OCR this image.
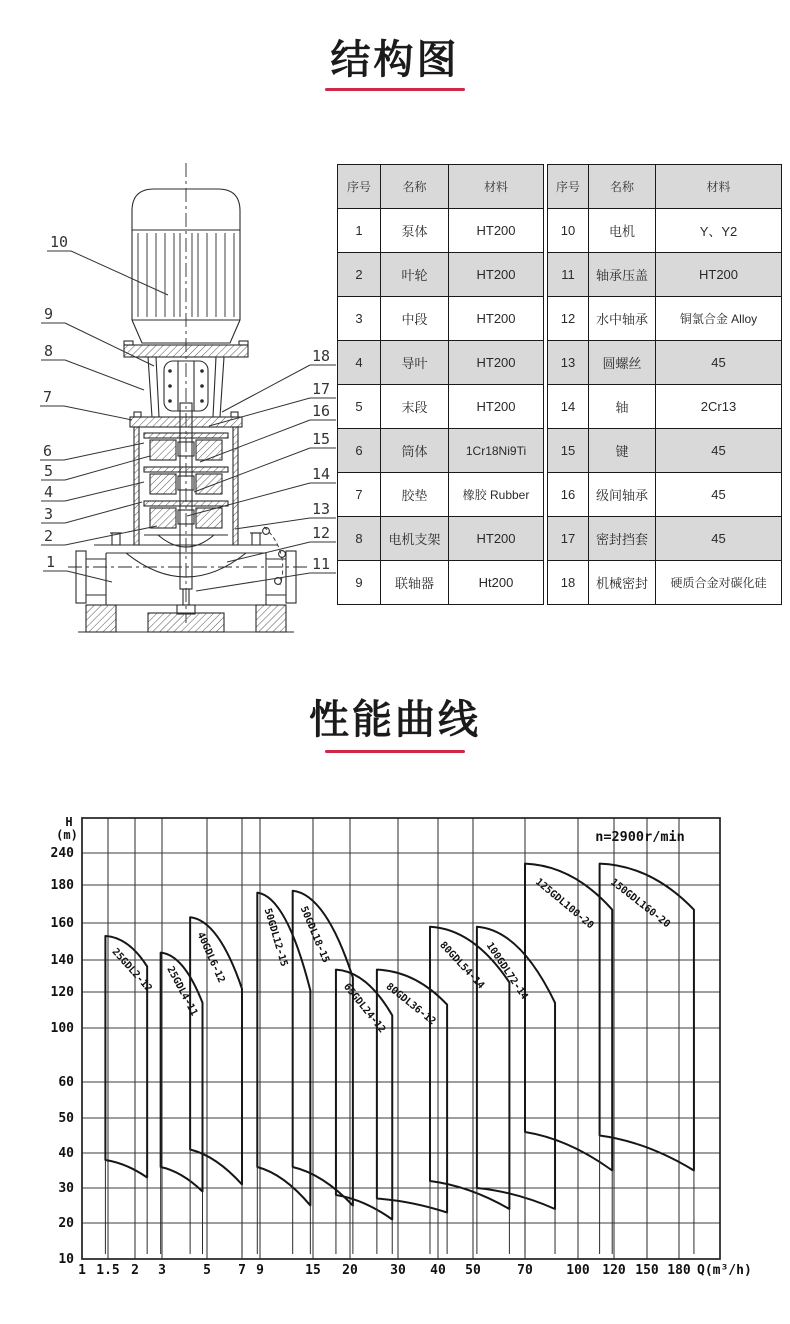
结构图
10
9
8
7
6
5
4
3
2
1
18
17
16
15
14
13
12
11
序号	名称	材料
1	泵体	HT200
2	叶轮	HT200
3	中段	HT200
4	导叶	HT200
5	末段	HT200
6	筒体	1Cr18Ni9Ti
7	胶垫	橡胶 Rubber
8	电机支架	HT200
9	联轴器	Ht200
序号	名称	材料
10	电机	Y、Y2
11	轴承压盖	HT200
12	水中轴承	铜氯合金 Alloy
13	圆螺丝	45
14	轴	2Cr13
15	键	45
16	级间轴承	45
17	密封挡套	45
18	机械密封	硬质合金对碳化硅
性能曲线
1 1.5 2 3	5 7 9	15 20 30 40 50	70	100 120 150 180
10
20
30
40
50
60
100
120
140
160
180
240
H
(m)
Q(m³/h)
n=2900r/min
25GDL2-12 25GDL4-11
40GDL6-12	50GDL12-15 50GDL18-15
65GDL24-12
80GDL36-12
80GDL54-14
100GDL72-14
125GDL100-20 150GDL160-20
